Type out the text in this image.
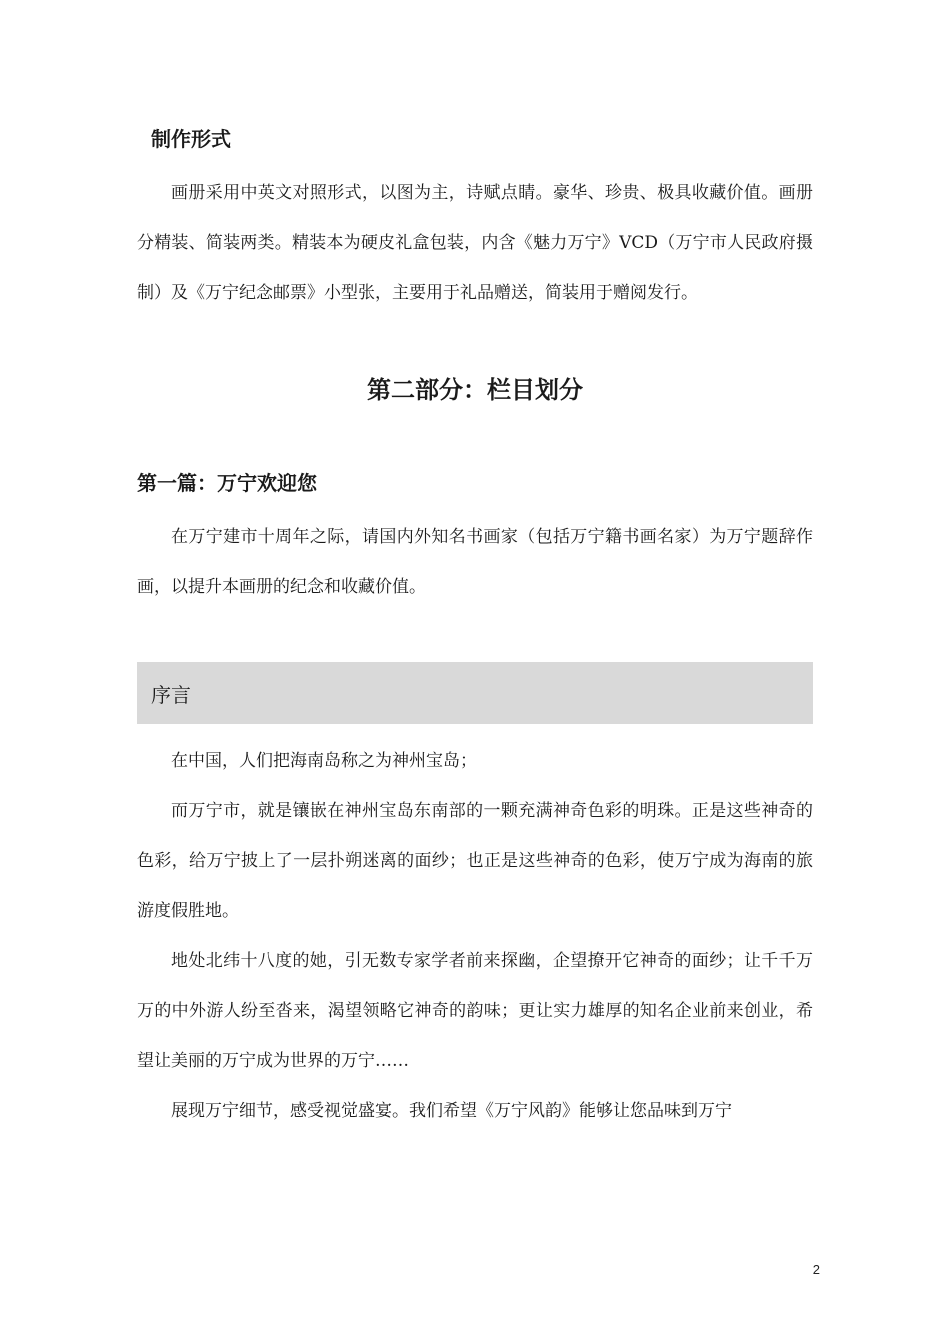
制作形式

画册采用中英文对照形式，以图为主，诗赋点睛。豪华、珍贵、极具收藏价值。画册分精装、简装两类。精装本为硬皮礼盒包装，内含《魅力万宁》VCD（万宁市人民政府摄制）及《万宁纪念邮票》小型张，主要用于礼品赠送，简装用于赠阅发行。

第二部分：栏目划分
第一篇：万宁欢迎您

在万宁建市十周年之际，请国内外知名书画家（包括万宁籍书画名家）为万宁题辞作画，以提升本画册的纪念和收藏价值。

序言

在中国，人们把海南岛称之为神州宝岛；

而万宁市，就是镶嵌在神州宝岛东南部的一颗充满神奇色彩的明珠。正是这些神奇的色彩，给万宁披上了一层扑朔迷离的面纱；也正是这些神奇的色彩，使万宁成为海南的旅游度假胜地。

地处北纬十八度的她，引无数专家学者前来探幽，企望撩开它神奇的面纱；让千千万万的中外游人纷至沓来，渴望领略它神奇的韵味；更让实力雄厚的知名企业前来创业，希望让美丽的万宁成为世界的万宁……

展现万宁细节，感受视觉盛宴。我们希望《万宁风韵》能够让您品味到万宁

2
